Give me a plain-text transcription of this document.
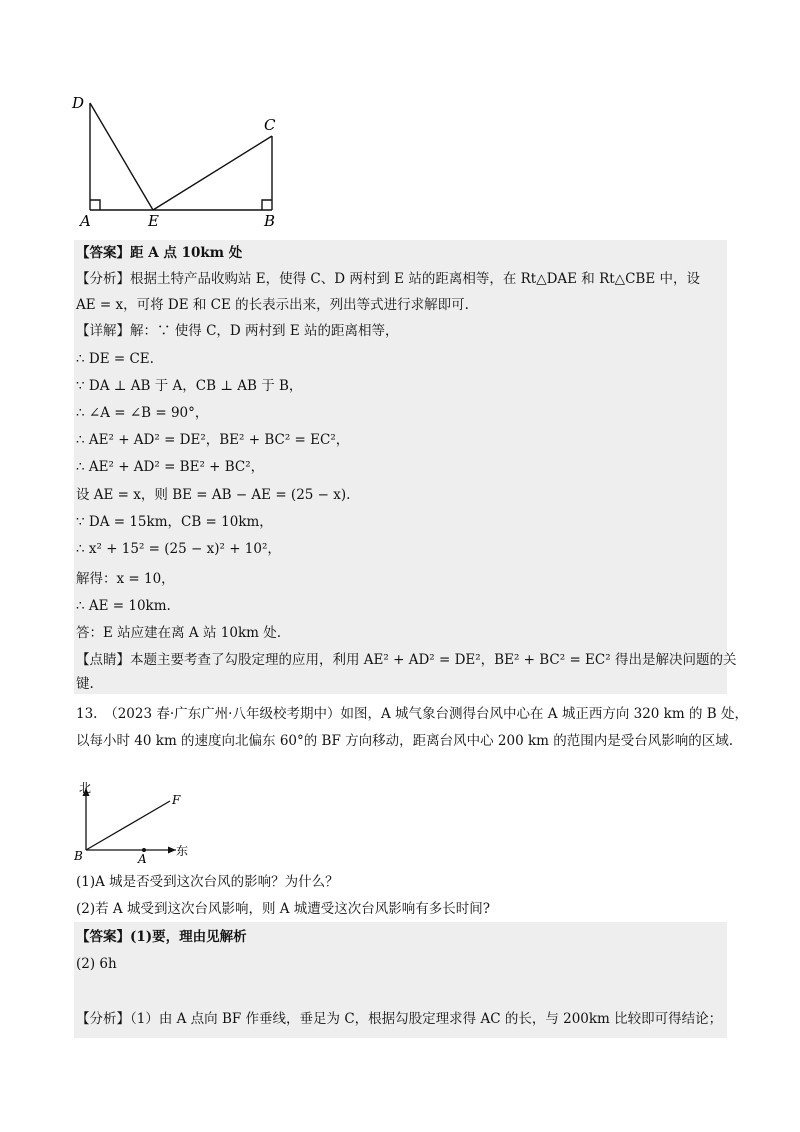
D
C
A	E	B
【答案】距 A 点 10km 处
【分析】根据土特产品收购站 E，使得 C、D 两村到 E 站的距离相等，在 Rt△DAE 和 Rt△CBE 中，设
AE = x，可将 DE 和 CE 的长表示出来，列出等式进行求解即可.
【详解】解：∵ 使得 C，D 两村到 E 站的距离相等，
∴ DE = CE.
∵ DA ⊥ AB 于 A，CB ⊥ AB 于 B，
∴ ∠A = ∠B = 90°，
∴ AE² + AD² = DE²，BE² + BC² = EC²，
∴ AE² + AD² = BE² + BC²，
设 AE = x，则 BE = AB − AE = (25 − x).
∵ DA = 15km，CB = 10km，
∴ x² + 15² = (25 − x)² + 10²，
解得：x = 10，
∴ AE = 10km.
答：E 站应建在离 A 站 10km 处.
【点睛】本题主要考查了勾股定理的应用，利用 AE² + AD² = DE²，BE² + BC² = EC² 得出是解决问题的关
键.
13.　（2023 春·广东广州·八年级校考期中）如图，A 城气象台测得台风中心在 A 城正西方向 320 km 的 B 处，
以每小时 40 km 的速度向北偏东 60°的 BF 方向移动，距离台风中心 200 km 的范围内是受台风影响的区域.
北
东
B	A
F
(1)A 城是否受到这次台风的影响？为什么？
(2)若 A 城受到这次台风影响，则 A 城遭受这次台风影响有多长时间?
【答案】(1)要，理由见解析
(2) 6h
【分析】（1）由 A 点向 BF 作垂线，垂足为 C，根据勾股定理求得 AC 的长，与 200km 比较即可得结论；
